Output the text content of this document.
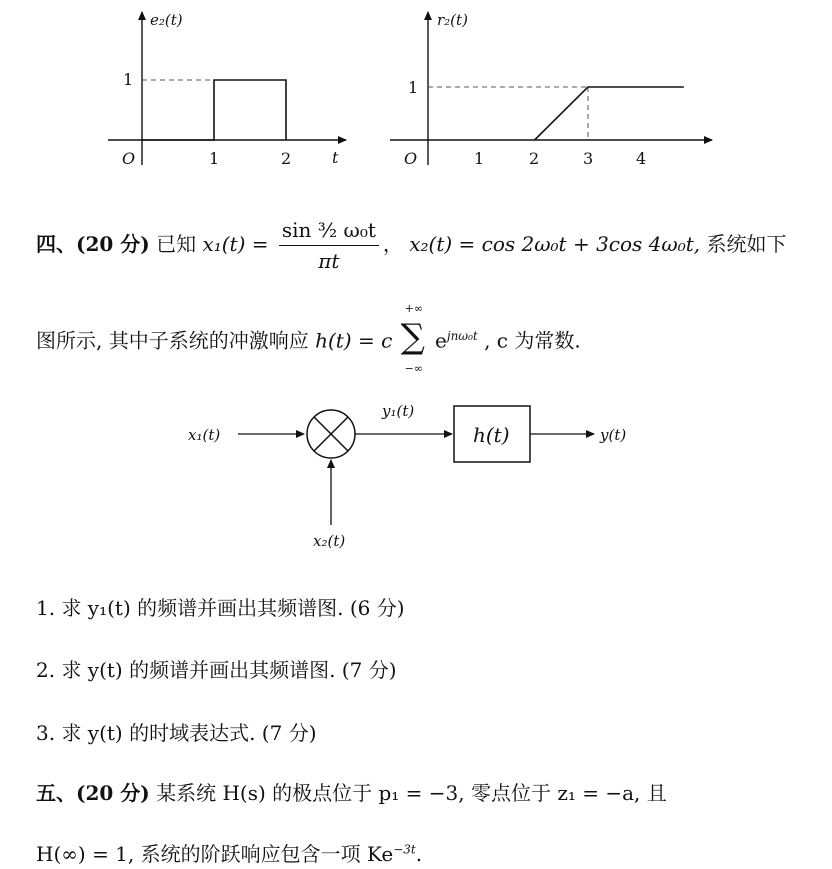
e₂(t)
1
O	1	2	t
r₂(t)
1
O	1	2	3	4
四、(20 分) 已知 $x_1(t) = \frac{\text{sin ³⁄₂ ω₀t}}{\pi t}$ ， x₂(t) = cos 2ω₀t + 3cos 4ω₀t, 系统如下
图所示, 其中子系统的冲激响应 h(t) = c
+∞
∑
−∞
$e^{jn\omega_0t}$ , c 为常数.
x₁(t)
x₂(t)
y₁(t)
h(t)	y(t)
1. 求 y₁(t) 的频谱并画出其频谱图. (6 分)
2. 求 y(t) 的频谱并画出其频谱图. (7 分)
3. 求 y(t) 的时域表达式. (7 分)
五、(20 分) 某系统 H(s) 的极点位于 p₁ = −3, 零点位于 z₁ = −a, 且
H(∞) = 1, 系统的阶跃响应包含一项 $Ke^{-3t}$.
